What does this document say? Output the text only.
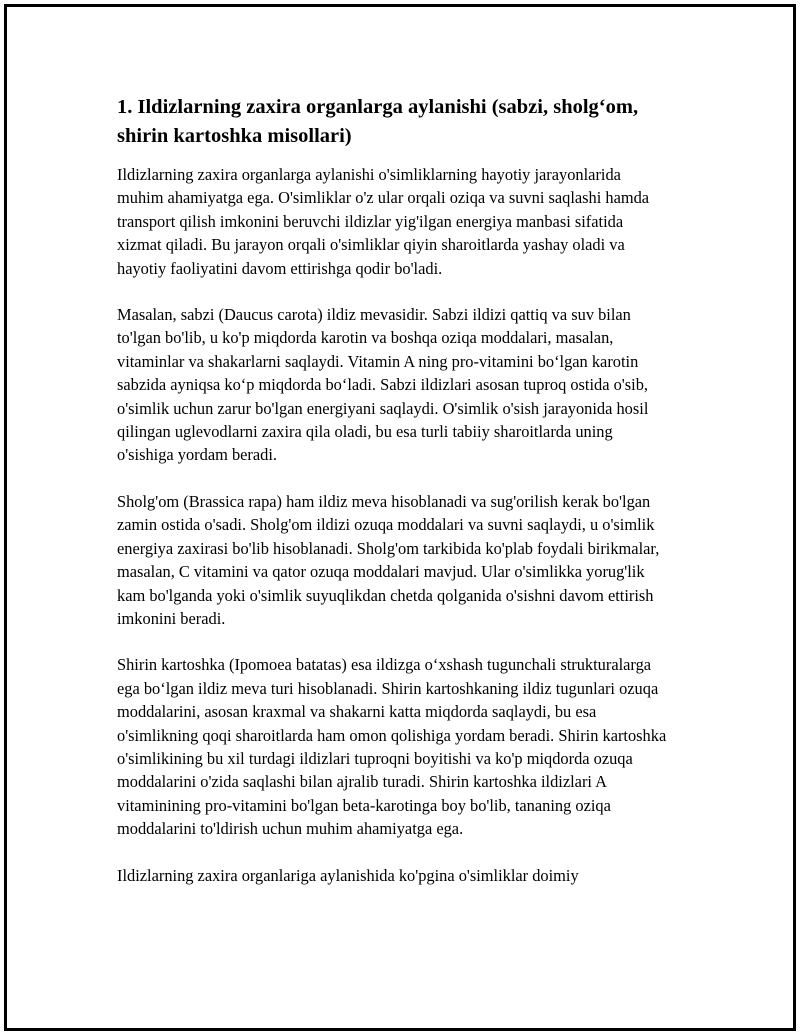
1. Ildizlarning zaxira organlarga aylanishi (sabzi, sholg‘om, shirin kartoshka misollari)

Ildizlarning zaxira organlarga aylanishi o'simliklarning hayotiy jarayonlarida muhim ahamiyatga ega. O'simliklar o'z ular orqali oziqa va suvni saqlashi hamda transport qilish imkonini beruvchi ildizlar yig'ilgan energiya manbasi sifatida xizmat qiladi. Bu jarayon orqali o'simliklar qiyin sharoitlarda yashay oladi va hayotiy faoliyatini davom ettirishga qodir bo'ladi.

Masalan, sabzi (Daucus carota) ildiz mevasidir. Sabzi ildizi qattiq va suv bilan to'lgan bo'lib, u ko'p miqdorda karotin va boshqa oziqa moddalari, masalan, vitaminlar va shakarlarni saqlaydi. Vitamin A ning pro-vitamini bo‘lgan karotin sabzida ayniqsa ko‘p miqdorda bo‘ladi. Sabzi ildizlari asosan tuproq ostida o'sib, o'simlik uchun zarur bo'lgan energiyani saqlaydi. O'simlik o'sish jarayonida hosil qilingan uglevodlarni zaxira qila oladi, bu esa turli tabiiy sharoitlarda uning o'sishiga yordam beradi.

Sholg'om (Brassica rapa) ham ildiz meva hisoblanadi va sug'orilish kerak bo'lgan zamin ostida o'sadi. Sholg'om ildizi ozuqa moddalari va suvni saqlaydi, u o'simlik energiya zaxirasi bo'lib hisoblanadi. Sholg'om tarkibida ko'plab foydali birikmalar, masalan, C vitamini va qator ozuqa moddalari mavjud. Ular o'simlikka yorug'lik kam bo'lganda yoki o'simlik suyuqlikdan chetda qolganida o'sishni davom ettirish imkonini beradi.

Shirin kartoshka (Ipomoea batatas) esa ildizga o‘xshash tugunchali strukturalarga ega bo‘lgan ildiz meva turi hisoblanadi. Shirin kartoshkaning ildiz tugunlari ozuqa moddalarini, asosan kraxmal va shakarni katta miqdorda saqlaydi, bu esa o'simlikning qoqi sharoitlarda ham omon qolishiga yordam beradi. Shirin kartoshka o'simlikining bu xil turdagi ildizlari tuproqni boyitishi va ko'p miqdorda ozuqa moddalarini o'zida saqlashi bilan ajralib turadi. Shirin kartoshka ildizlari A vitaminining pro-vitamini bo'lgan beta-karotinga boy bo'lib, tananing oziqa moddalarini to'ldirish uchun muhim ahamiyatga ega.

Ildizlarning zaxira organlariga aylanishida ko'pgina o'simliklar doimiy
